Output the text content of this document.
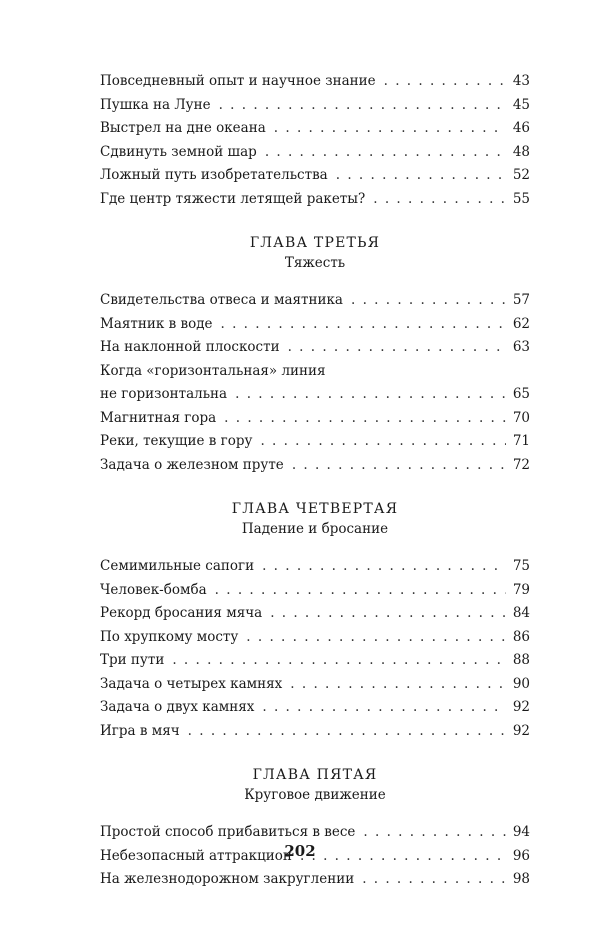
Повседневный опыт и научное знание . . .	43
Пушка на Луне . . .	45
Выстрел на дне океана . . .	46
Сдвинуть земной шар . . .	48
Ложный путь изобретательства . . .	52
Где центр тяжести летящей ракеты? . . .	55
ГЛАВА ТРЕТЬЯ
Тяжесть
Свидетельства отвеса и маятника . . .	57
Маятник в воде . . .	62
На наклонной плоскости . . .	63
Когда «горизонтальная» линия
не горизонтальна . . .	65
Магнитная гора . . .	70
Реки, текущие в гору . . .	71
Задача о железном пруте . . .	72
ГЛАВА ЧЕТВЕРТАЯ
Падение и бросание
Семимильные сапоги . . .	75
Человек-бомба . . .	79
Рекорд бросания мяча . . .	84
По хрупкому мосту . . .	86
Три пути . . .	88
Задача о четырех камнях . . .	90
Задача о двух камнях . . .	92
Игра в мяч . . .	92
ГЛАВА ПЯТАЯ
Круговое движение
Простой способ прибавиться в весе . . .	94
Небезопасный аттракцион . . .	96
На железнодорожном закруглении . . .	98
202
